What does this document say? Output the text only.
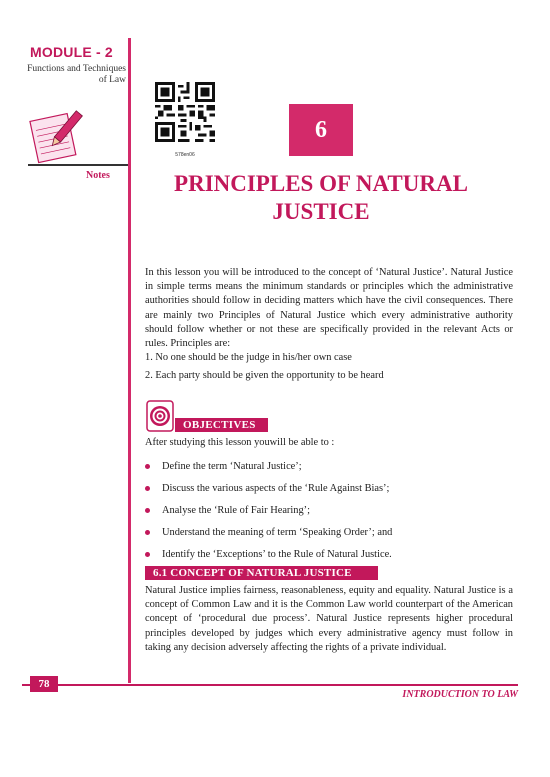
MODULE - 2
Functions and Techniques of Law
Notes
578en06
6
PRINCIPLES OF NATURAL JUSTICE

In this lesson you will be introduced to the concept of ‘Natural Justice’. Natural Justice in simple terms means the minimum standards or principles which the administrative authorities should follow in deciding matters which have the civil consequences. There are mainly two Principles of Natural Justice which every administrative authority should follow whether or not these are specifically provided in the relevant Acts or rules. Principles are:

1. No one should be the judge in his/her own case
2. Each party should be given the opportunity to be heard
OBJECTIVES

After studying this lesson youwill be able to :

Define the term ‘Natural Justice’;
Discuss the various aspects of the ‘Rule Against Bias’;
Analyse the ‘Rule of Fair Hearing’;
Understand the meaning of term ‘Speaking Order’; and
Identify the ‘Exceptions’ to the Rule of Natural Justice.
6.1 CONCEPT OF NATURAL JUSTICE

Natural Justice implies fairness, reasonableness, equity and equality. Natural Justice is a concept of Common Law and it is the Common Law world counterpart of the American concept of ‘procedural due process’. Natural Justice represents higher procedural principles developed by judges which every administrative agency must follow in taking any decision adversely affecting the rights of a private individual.

78
INTRODUCTION TO LAW
